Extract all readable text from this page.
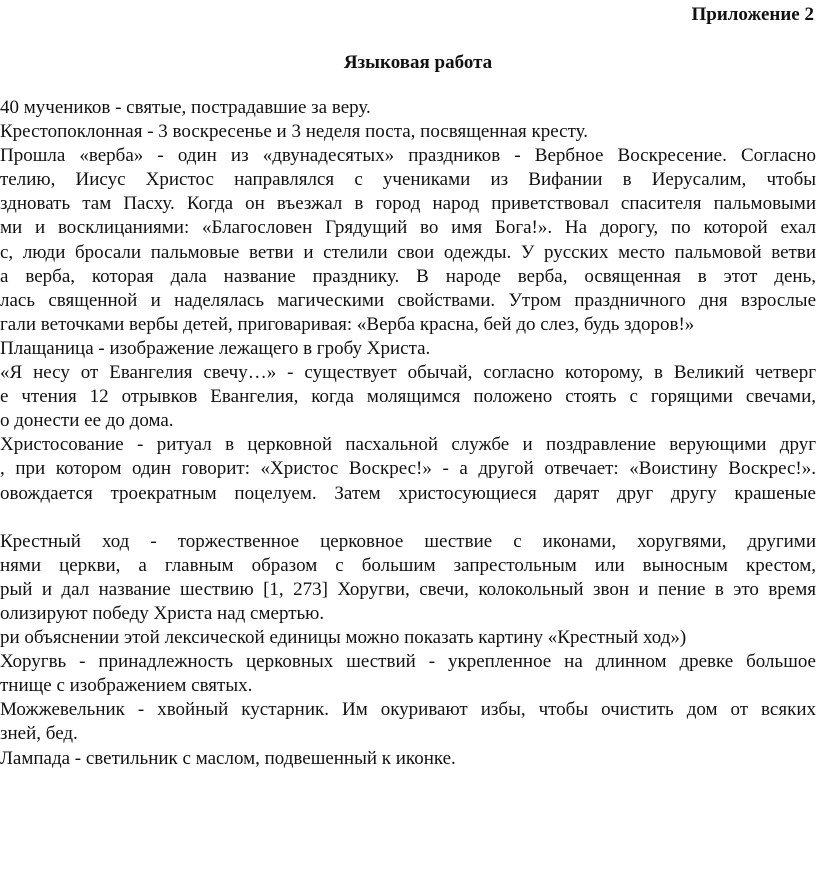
Приложение 2
Языковая работа
40 мучеников - святые, пострадавшие за веру.
Крестопоклонная - 3 воскресенье и 3 неделя поста, посвященная кресту.
Прошла «верба» - один из «двунадесятых» праздников - Вербное Воскресение. Согласно
телию, Иисус Христос направлялся с учениками из Вифании в Иерусалим, чтобы
здновать там Пасху. Когда он въезжал в город народ приветствовал спасителя пальмовыми
ми и восклицаниями: «Благословен Грядущий во имя Бога!». На дорогу, по которой ехал
с, люди бросали пальмовые ветви и стелили свои одежды. У русских место пальмовой ветви
а верба, которая дала название празднику. В народе верба, освященная в этот день,
лась священной и наделялась магическими свойствами. Утром праздничного дня взрослые
гали веточками вербы детей, приговаривая: «Верба красна, бей до слез, будь здоров!»
Плащаница - изображение лежащего в гробу Христа.
«Я несу от Евангелия свечу…» - существует обычай, согласно которому, в Великий четверг
е чтения 12 отрывков Евангелия, когда молящимся положено стоять с горящими свечами,
о донести ее до дома.
Христосование - ритуал в церковной пасхальной службе и поздравление верующими друг
, при котором один говорит: «Христос Воскрес!» - а другой отвечает: «Воистину Воскрес!».
овождается троекратным поцелуем. Затем христосующиеся дарят друг другу крашеные
Крестный ход - торжественное церковное шествие с иконами, хоругвями, другими
нями церкви, а главным образом с большим запрестольным или выносным крестом,
рый и дал название шествию [1, 273] Хоругви, свечи, колокольный звон и пение в это время
олизируют победу Христа над смертью.
ри объяснении этой лексической единицы можно показать картину «Крестный ход»)
Хоругвь - принадлежность церковных шествий - укрепленное на длинном древке большое
тнище с изображением святых.
Можжевельник - хвойный кустарник. Им окуривают избы, чтобы очистить дом от всяких
зней, бед.
Лампада - светильник с маслом, подвешенный к иконке.
